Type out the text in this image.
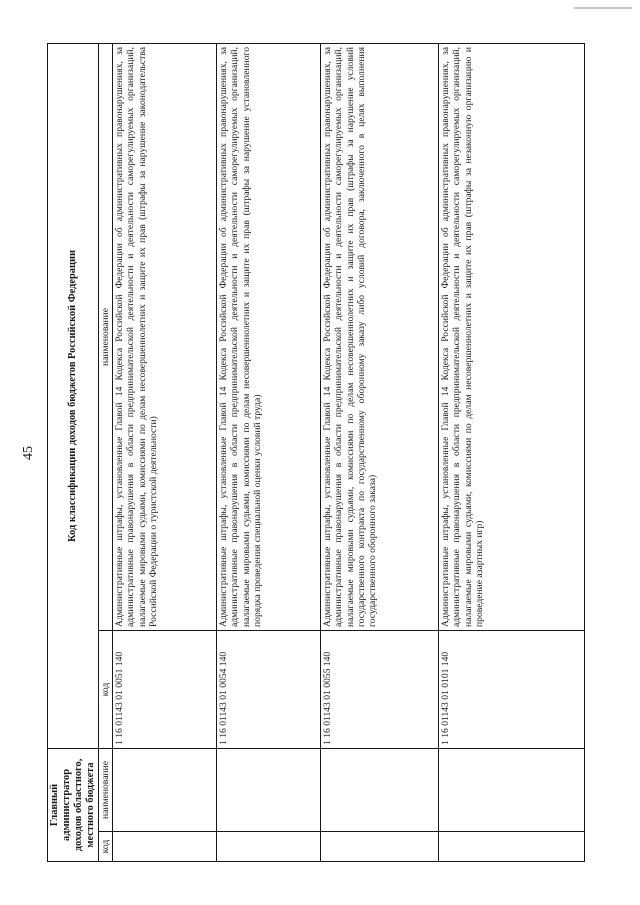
45
Главный администратор доходов областного, местного бюджета		Код классификации доходов бюджетов Российской Федерации	
код	наименование	код	наименование
		1 16 01143 01 0051 140	Административные штрафы, установленные Главой 14 Кодекса Российской Федерации об административных правонарушениях, за административные правонарушения в области предпринимательской деятельности и деятельности саморегулируемых организаций, налагаемые мировыми судьями, комиссиями по делам несовершеннолетних и защите их прав (штрафы за нарушение законодательства Российской Федерации о туристской деятельности)
		1 16 01143 01 0054 140	Административные штрафы, установленные Главой 14 Кодекса Российской Федерации об административных правонарушениях, за административные правонарушения в области предпринимательской деятельности и деятельности саморегулируемых организаций, налагаемые мировыми судьями, комиссиями по делам несовершеннолетних и защите их прав (штрафы за нарушение установленного порядка проведения специальной оценки условий труда)
		1 16 01143 01 0055 140	Административные штрафы, установленные Главой 14 Кодекса Российской Федерации об административных правонарушениях, за административные правонарушения в области предпринимательской деятельности и деятельности саморегулируемых организаций, налагаемые мировыми судьями, комиссиями по делам несовершеннолетних и защите их прав (штрафы за нарушение условий государственного контракта по государственному оборонному заказу либо условий договора, заключенного в целях выполнения государственного оборонного заказа)
		1 16 01143 01 0101 140	Административные штрафы, установленные Главой 14 Кодекса Российской Федерации об административных правонарушениях, за административные правонарушения в области предпринимательской деятельности и деятельности саморегулируемых организаций, налагаемые мировыми судьями, комиссиями по делам несовершеннолетних и защите их прав (штрафы за незаконную организацию и проведение азартных игр)
